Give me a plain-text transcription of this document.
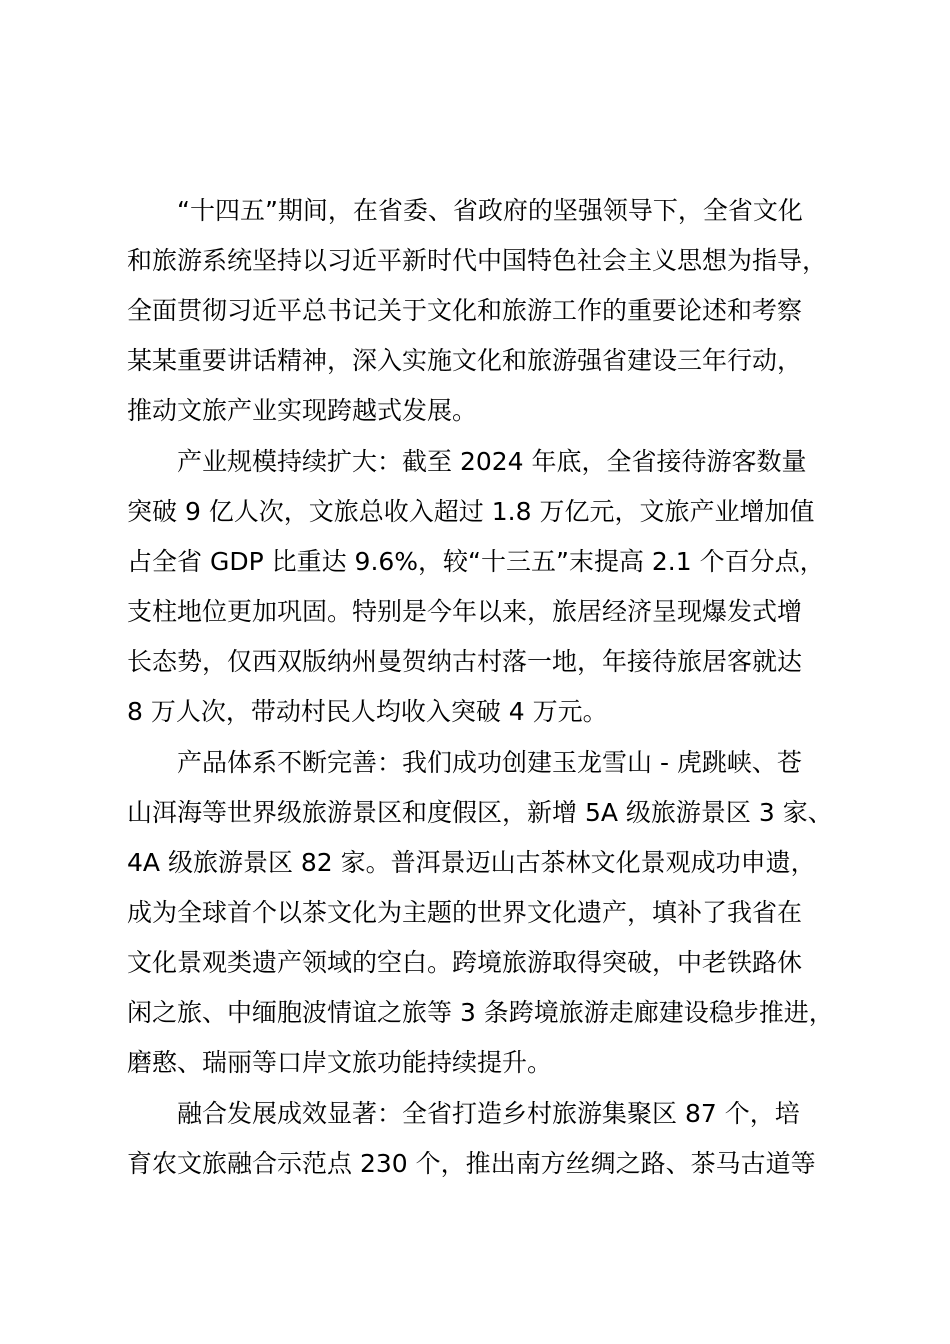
　　“十四五”期间，在省委、省政府的坚强领导下，全省文化
和旅游系统坚持以习近平新时代中国特色社会主义思想为指导，
全面贯彻习近平总书记关于文化和旅游工作的重要论述和考察
某某重要讲话精神，深入实施文化和旅游强省建设三年行动，
推动文旅产业实现跨越式发展。
　　产业规模持续扩大：截至 2024 年底，全省接待游客数量
突破 9 亿人次，文旅总收入超过 1.8 万亿元，文旅产业增加值
占全省 GDP 比重达 9.6%，较“十三五”末提高 2.1 个百分点，
支柱地位更加巩固。特别是今年以来，旅居经济呈现爆发式增
长态势，仅西双版纳州曼贺纳古村落一地，年接待旅居客就达
8 万人次，带动村民人均收入突破 4 万元。
　　产品体系不断完善：我们成功创建玉龙雪山 - 虎跳峡、苍
山洱海等世界级旅游景区和度假区，新增 5A 级旅游景区 3 家、
4A 级旅游景区 82 家。普洱景迈山古茶林文化景观成功申遗，
成为全球首个以茶文化为主题的世界文化遗产，填补了我省在
文化景观类遗产领域的空白。跨境旅游取得突破，中老铁路休
闲之旅、中缅胞波情谊之旅等 3 条跨境旅游走廊建设稳步推进，
磨憨、瑞丽等口岸文旅功能持续提升。
　　融合发展成效显著：全省打造乡村旅游集聚区 87 个，培
育农文旅融合示范点 230 个，推出南方丝绸之路、茶马古道等
